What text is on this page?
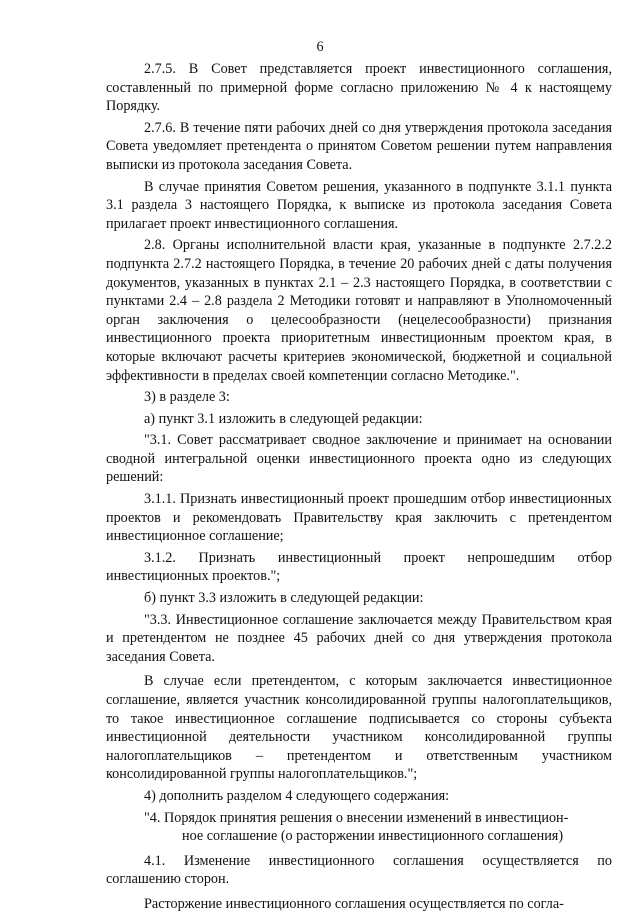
6

2.7.5. В Совет представляется проект инвестиционного соглашения, составленный по примерной форме согласно приложению № 4 к настоящему Порядку.

2.7.6. В течение пяти рабочих дней со дня утверждения протокола заседания Совета уведомляет претендента о принятом Советом решении путем направления выписки из протокола заседания Совета.

В случае принятия Советом решения, указанного в подпункте 3.1.1 пункта 3.1 раздела 3 настоящего Порядка, к выписке из протокола заседания Совета прилагает проект инвестиционного соглашения.

2.8. Органы исполнительной власти края, указанные в подпункте 2.7.2.2 подпункта 2.7.2 настоящего Порядка, в течение 20 рабочих дней с даты получения документов, указанных в пунктах 2.1 – 2.3 настоящего Порядка, в соответствии с пунктами 2.4 – 2.8 раздела 2 Методики готовят и направляют в Уполномоченный орган заключения о целесообразности (нецелесообразности) признания инвестиционного проекта приоритетным инвестиционным проектом края, в которые включают расчеты критериев экономической, бюджетной и социальной эффективности в пределах своей компетенции согласно Методике.".

3) в разделе 3:

а) пункт 3.1 изложить в следующей редакции:

"3.1. Совет рассматривает сводное заключение и принимает на основании сводной интегральной оценки инвестиционного проекта одно из следующих решений:

3.1.1. Признать инвестиционный проект прошедшим отбор инвестиционных проектов и рекомендовать Правительству края заключить с претендентом инвестиционное соглашение;

3.1.2. Признать инвестиционный проект непрошедшим отбор инвестиционных проектов.";

б) пункт 3.3 изложить в следующей редакции:

"3.3. Инвестиционное соглашение заключается между Правительством края и претендентом не позднее 45 рабочих дней со дня утверждения протокола заседания Совета.

В случае если претендентом, с которым заключается инвестиционное соглашение, является участник консолидированной группы налогоплательщиков, то такое инвестиционное соглашение подписывается со стороны субъекта инвестиционной деятельности участником консолидированной группы налогоплательщиков – претендентом и ответственным участником консолидированной группы налогоплательщиков.";

4) дополнить разделом 4 следующего содержания:

"4. Порядок принятия решения о внесении изменений в инвестицион-
ное соглашение (о расторжении инвестиционного соглашения)

4.1. Изменение инвестиционного соглашения осуществляется по соглашению сторон.

Расторжение инвестиционного соглашения осуществляется по согла-
